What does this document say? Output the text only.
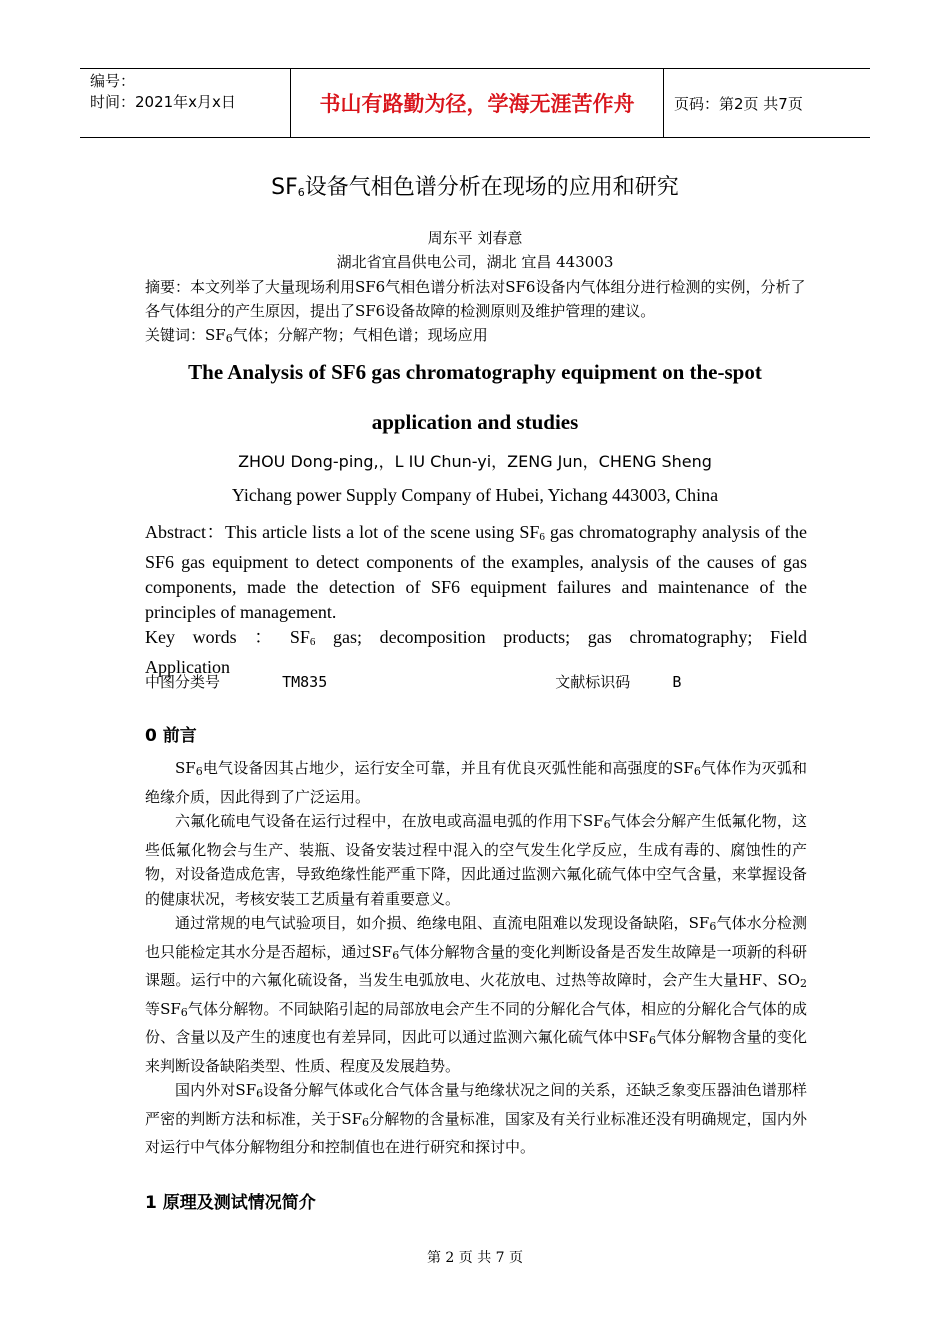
编号：
时间：2021年x月x日	书山有路勤为径，学海无涯苦作舟	页码：第2页 共7页
SF6设备气相色谱分析在现场的应用和研究
周东平 刘春意
湖北省宜昌供电公司，湖北 宜昌 443003
摘要：本文列举了大量现场利用SF6气相色谱分析法对SF6设备内气体组分进行检测的实例，分析了各气体组分的产生原因，提出了SF6设备故障的检测原则及维护管理的建议。
关键词：SF6气体；分解产物；气相色谱；现场应用
The Analysis of SF6 gas chromatography equipment on the-spot
application and studies
ZHOU Dong-ping,，L IU Chun-yi，ZENG Jun，CHENG Sheng
Yichang power Supply Company of Hubei, Yichang 443003, China
Abstract：This article lists a lot of the scene using SF6 gas chromatography analysis of the SF6 gas equipment to detect components of the examples, analysis of the causes of gas components, made the detection of SF6 equipment failures and maintenance of the principles of management.
Key words ： SF6 gas; decomposition products; gas chromatography; Field
Application
中图分类号	TM835	文献标识码	B
0 前言

SF6电气设备因其占地少，运行安全可靠，并且有优良灭弧性能和高强度的SF6气体作为灭弧和绝缘介质，因此得到了广泛运用。

六氟化硫电气设备在运行过程中，在放电或高温电弧的作用下SF6气体会分解产生低氟化物，这些低氟化物会与生产、装瓶、设备安装过程中混入的空气发生化学反应，生成有毒的、腐蚀性的产物，对设备造成危害，导致绝缘性能严重下降，因此通过监测六氟化硫气体中空气含量，来掌握设备的健康状况，考核安装工艺质量有着重要意义。

通过常规的电气试验项目，如介损、绝缘电阻、直流电阻难以发现设备缺陷，SF6气体水分检测也只能检定其水分是否超标，通过SF6气体分解物含量的变化判断设备是否发生故障是一项新的科研课题。运行中的六氟化硫设备，当发生电弧放电、火花放电、过热等故障时，会产生大量HF、SO2等SF6气体分解物。不同缺陷引起的局部放电会产生不同的分解化合气体，相应的分解化合气体的成份、含量以及产生的速度也有差异同，因此可以通过监测六氟化硫气体中SF6气体分解物含量的变化来判断设备缺陷类型、性质、程度及发展趋势。

国内外对SF6设备分解气体或化合气体含量与绝缘状况之间的关系，还缺乏象变压器油色谱那样严密的判断方法和标准，关于SF6分解物的含量标准，国家及有关行业标准还没有明确规定，国内外对运行中气体分解物组分和控制值也在进行研究和探讨中。

1 原理及测试情况简介
第 2 页 共 7 页
